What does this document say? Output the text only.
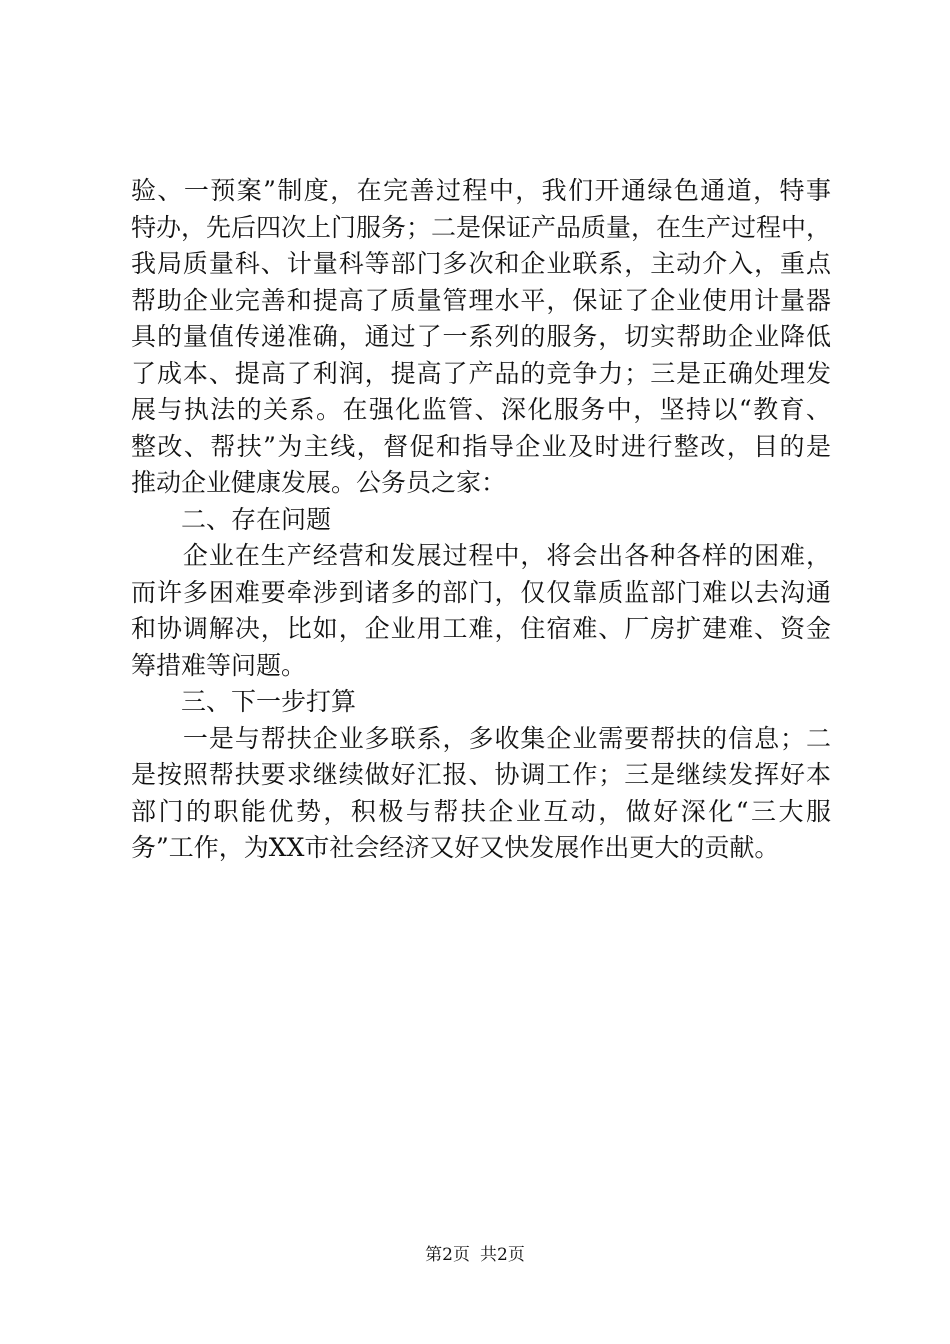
验、一预案”制度，在完善过程中，我们开通绿色通道，特事
特办，先后四次上门服务；二是保证产品质量，在生产过程中，
我局质量科、计量科等部门多次和企业联系，主动介入，重点
帮助企业完善和提高了质量管理水平，保证了企业使用计量器
具的量值传递准确，通过了一系列的服务，切实帮助企业降低
了成本、提高了利润，提高了产品的竞争力；三是正确处理发
展与执法的关系。在强化监管、深化服务中，坚持以“教育、
整改、帮扶”为主线，督促和指导企业及时进行整改，目的是
推动企业健康发展。公务员之家：
　　二、存在问题
　　企业在生产经营和发展过程中，将会出各种各样的困难，
而许多困难要牵涉到诸多的部门，仅仅靠质监部门难以去沟通
和协调解决，比如，企业用工难，住宿难、厂房扩建难、资金
筹措难等问题。
　　三、下一步打算
　　一是与帮扶企业多联系，多收集企业需要帮扶的信息；二
是按照帮扶要求继续做好汇报、协调工作；三是继续发挥好本
部门的职能优势，积极与帮扶企业互动，做好深化“三大服
务”工作，为XX市社会经济又好又快发展作出更大的贡献。
第2页 共2页
